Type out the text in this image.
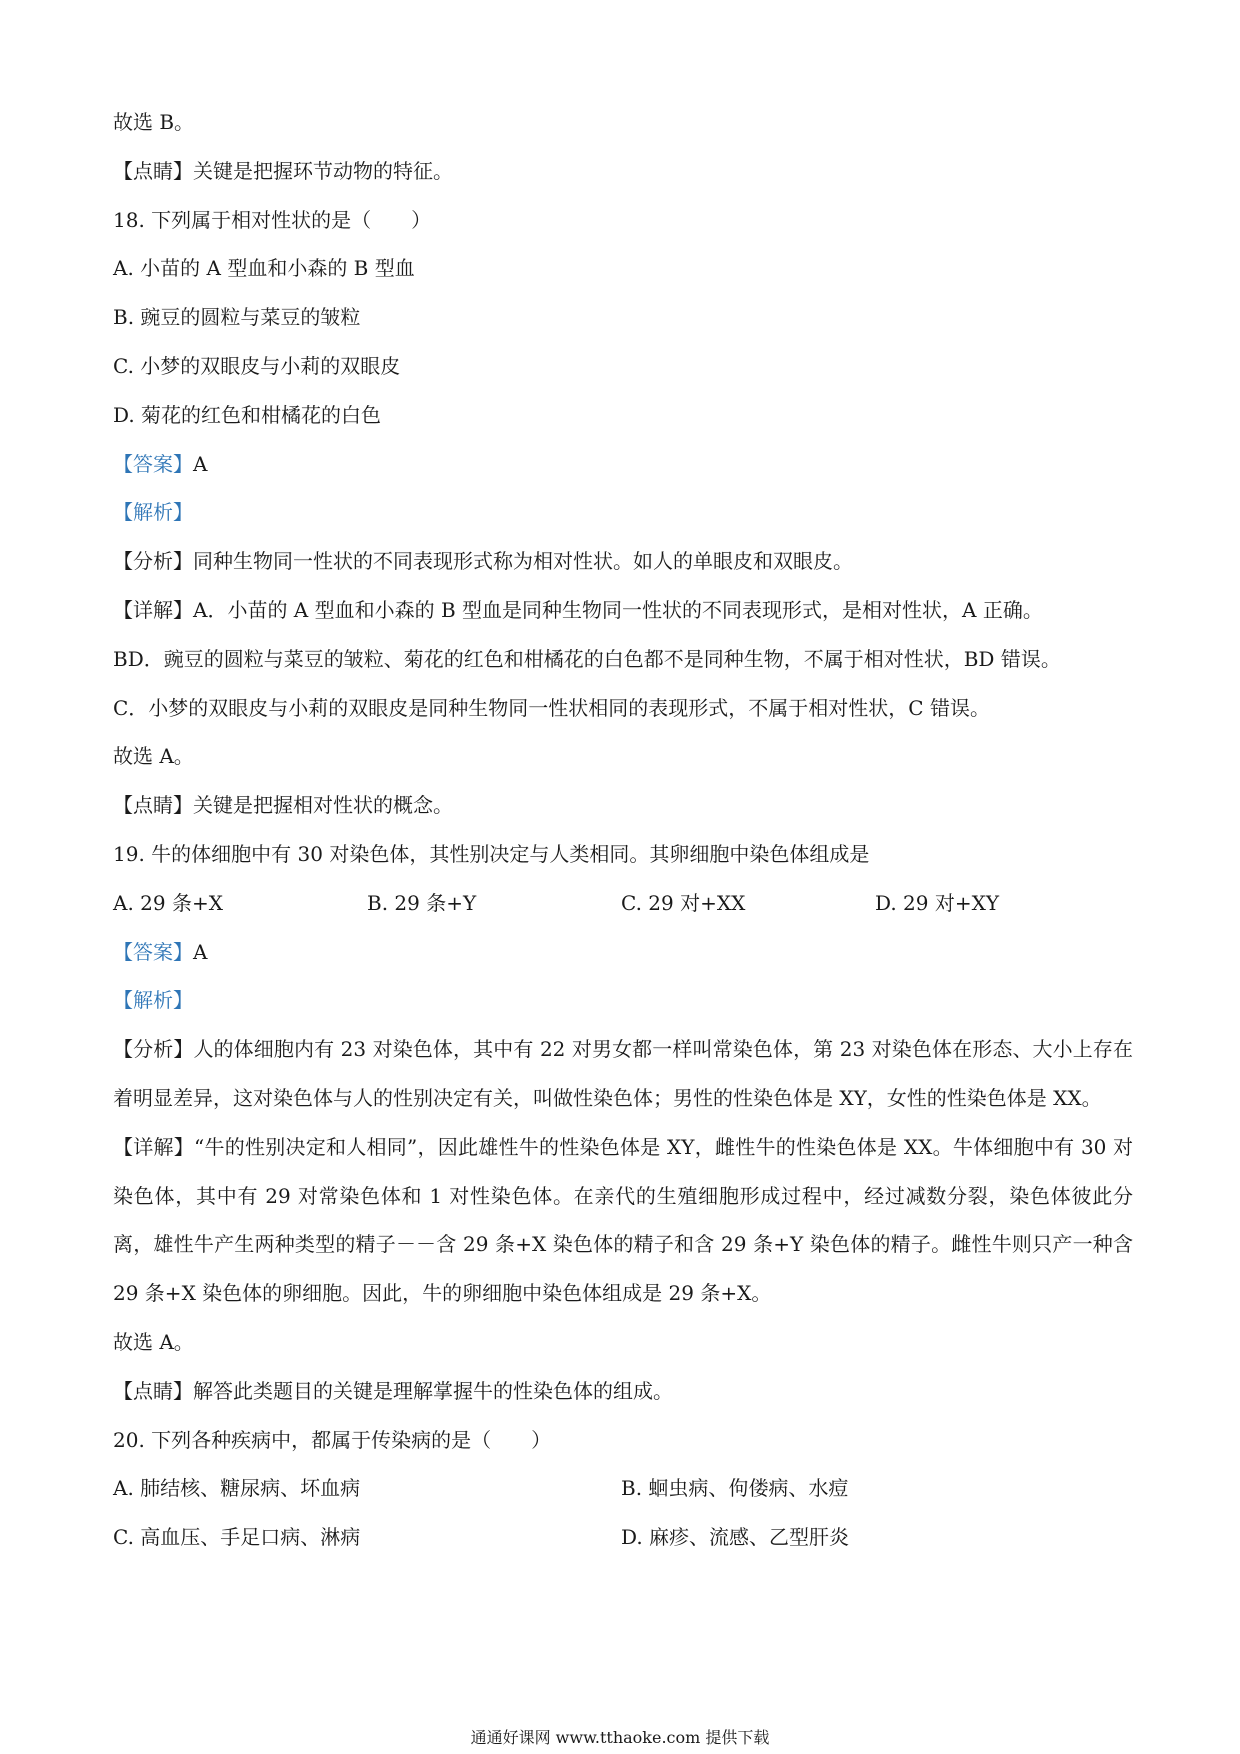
故选 B。
【点睛】关键是把握环节动物的特征。
18. 下列属于相对性状的是（　　）
A. 小苗的 A 型血和小森的 B 型血
B. 豌豆的圆粒与菜豆的皱粒
C. 小梦的双眼皮与小莉的双眼皮
D. 菊花的红色和柑橘花的白色
【答案】A
【解析】
【分析】同种生物同一性状的不同表现形式称为相对性状。如人的单眼皮和双眼皮。
【详解】A．小苗的 A 型血和小森的 B 型血是同种生物同一性状的不同表现形式，是相对性状，A 正确。
BD．豌豆的圆粒与菜豆的皱粒、菊花的红色和柑橘花的白色都不是同种生物，不属于相对性状，BD 错误。
C．小梦的双眼皮与小莉的双眼皮是同种生物同一性状相同的表现形式，不属于相对性状，C 错误。
故选 A。
【点睛】关键是把握相对性状的概念。
19. 牛的体细胞中有 30 对染色体，其性别决定与人类相同。其卵细胞中染色体组成是
A. 29 条+X	B. 29 条+Y	C. 29 对+XX	D. 29 对+XY
【答案】A
【解析】

【分析】人的体细胞内有 23 对染色体，其中有 22 对男女都一样叫常染色体，第 23 对染色体在形态、大小上存在着明显差异，这对染色体与人的性别决定有关，叫做性染色体；男性的性染色体是 XY，女性的性染色体是 XX。

【详解】“牛的性别决定和人相同”，因此雄性牛的性染色体是 XY，雌性牛的性染色体是 XX。牛体细胞中有 30 对染色体，其中有 29 对常染色体和 1 对性染色体。在亲代的生殖细胞形成过程中，经过减数分裂，染色体彼此分离，雄性牛产生两种类型的精子－－含 29 条+X 染色体的精子和含 29 条+Y 染色体的精子。雌性牛则只产一种含 29 条+X 染色体的卵细胞。因此，牛的卵细胞中染色体组成是 29 条+X。

故选 A。
【点睛】解答此类题目的关键是理解掌握牛的性染色体的组成。
20. 下列各种疾病中，都属于传染病的是（　　）
A. 肺结核、糖尿病、坏血病	B. 蛔虫病、佝偻病、水痘
C. 高血压、手足口病、淋病	D. 麻疹、流感、乙型肝炎
通通好课网 www.tthaoke.com 提供下载
